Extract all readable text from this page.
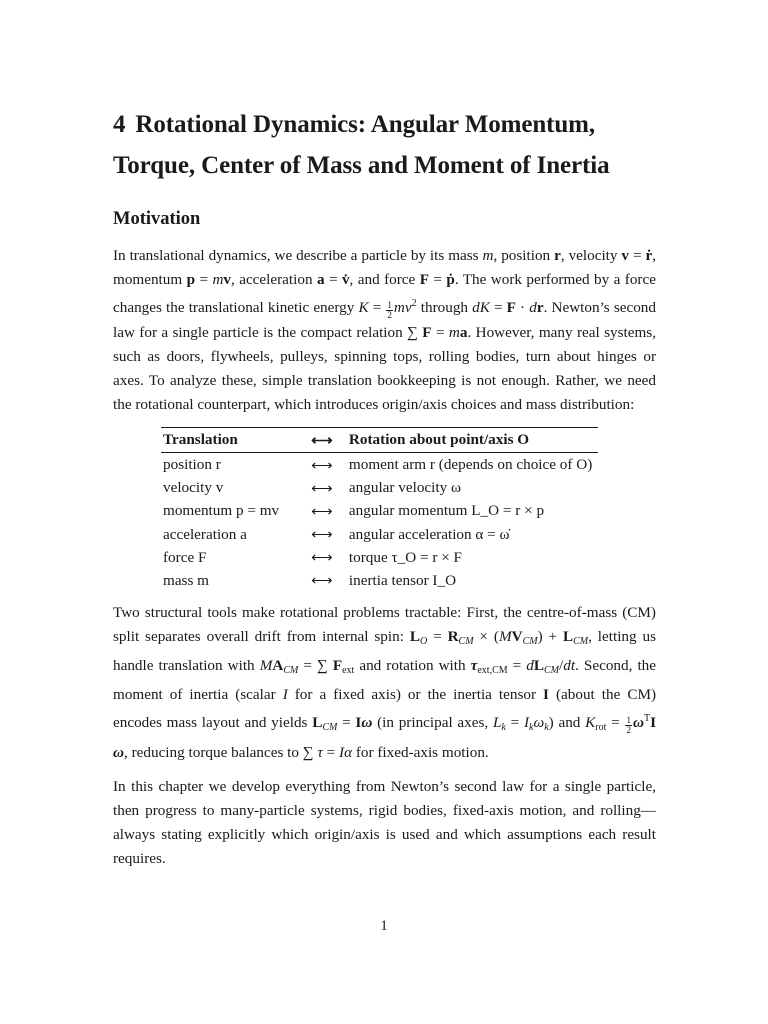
4 Rotational Dynamics: Angular Momentum, Torque, Center of Mass and Moment of Inertia
Motivation

In translational dynamics, we describe a particle by its mass m, position r, velocity v = ṙ, momentum p = mv, acceleration a = v̇, and force F = ṗ. The work performed by a force changes the translational kinetic energy $K = \frac{1}{2} mv^2$ through dK = F · dr. Newton’s second law for a single particle is the compact relation ∑ F = ma. However, many real systems, such as doors, flywheels, pulleys, spinning tops, rolling bodies, turn about hinges or axes. To analyze these, simple translation bookkeeping is not enough. Rather, we need the rotational counterpart, which introduces origin/axis choices and mass distribution:

Translation	⟷	Rotation about point/axis O
position r	⟷	moment arm r (depends on choice of O)
velocity v	⟷	angular velocity ω
momentum p = mv	⟷	angular momentum L_O = r × p
acceleration a	⟷	angular acceleration α = ω̇
force F	⟷	torque τ_O = r × F
mass m	⟷	inertia tensor I_O

Two structural tools make rotational problems tractable: First, the centre-of-mass (CM) split separates overall drift from internal spin: $L_O = R_{CM} \times (MV_{CM}) + L_{CM}$, letting us handle translation with $MA_{CM}$ = ∑ Fext and rotation with $\tau ext,CM = dL_{CM}/dt$. Second, the moment of inertia (scalar I for a fixed axis) or the inertia tensor I (about the CM) encodes mass layout and yields $L_{CM} = I\omega$ (in principal axes, $L_k = I_k\omega_k$) and Krot = $\frac{1}{2} \omega^TI$ ω, reducing torque balances to ∑ τ = Iα for fixed-axis motion.

In this chapter we develop everything from Newton’s second law for a single particle, then progress to many-particle systems, rigid bodies, fixed-axis motion, and rolling—always stating explicitly which origin/axis is used and which assumptions each result requires.

1
